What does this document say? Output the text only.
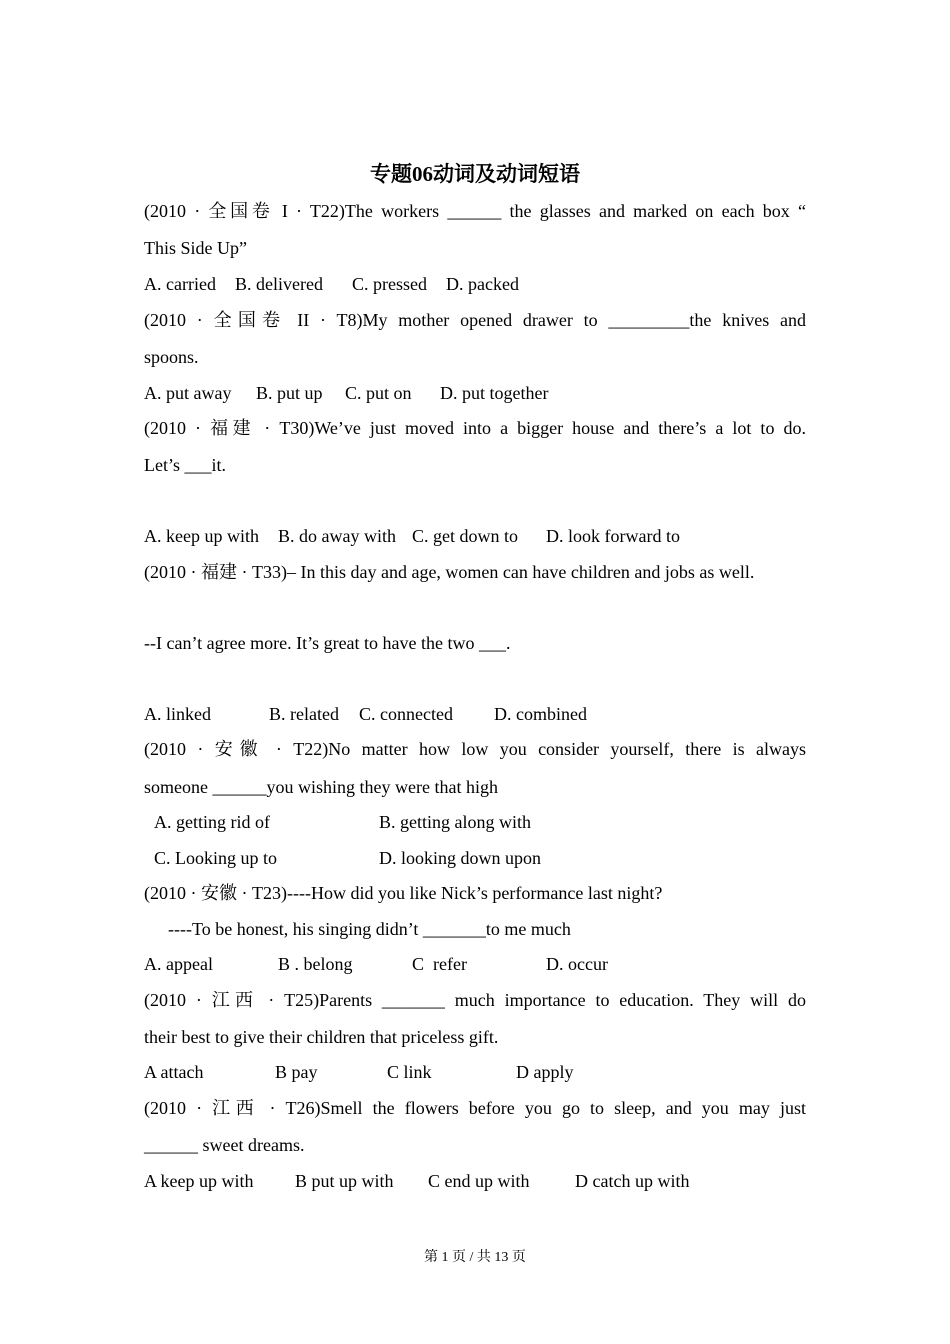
专题06动词及动词短语
(2010 · 全国卷 I · T22)The workers ______ the glasses and marked on each box “
This Side Up”
A. carried B. delivered C. pressed D. packed
(2010 · 全国卷 II · T8)My mother opened drawer to _________the knives and
spoons.
A. put away B. put up C. put on D. put together
(2010 · 福建 · T30)We’ve just moved into a bigger house and there’s a lot to do.
Let’s ___it.
A. keep up with B. do away with C. get down to D. look forward to
(2010 · 福建 · T33)– In this day and age, women can have children and jobs as well.
--I can’t agree more. It’s great to have the two ___.
A. linked	B. related C. connected D. combined
(2010 · 安徽 · T22)No matter how low you consider yourself, there is always
someone ______you wishing they were that high
A. getting rid of	B. getting along with
C. Looking up to	D. looking down upon
(2010 · 安徽 · T23)----How did you like Nick’s performance last night?
----To be honest, his singing didn’t _______to me much
A. appeal	B . belong	C  refer	D. occur
(2010 · 江西 · T25)Parents _______ much importance to education. They will do
their best to give their children that priceless gift.
A attach	B pay	C link	D apply
(2010 · 江西 · T26)Smell the flowers before you go to sleep, and you may just
______ sweet dreams.
A keep up with B put up with C end up with	D catch up with
第 1 页 / 共 13 页
